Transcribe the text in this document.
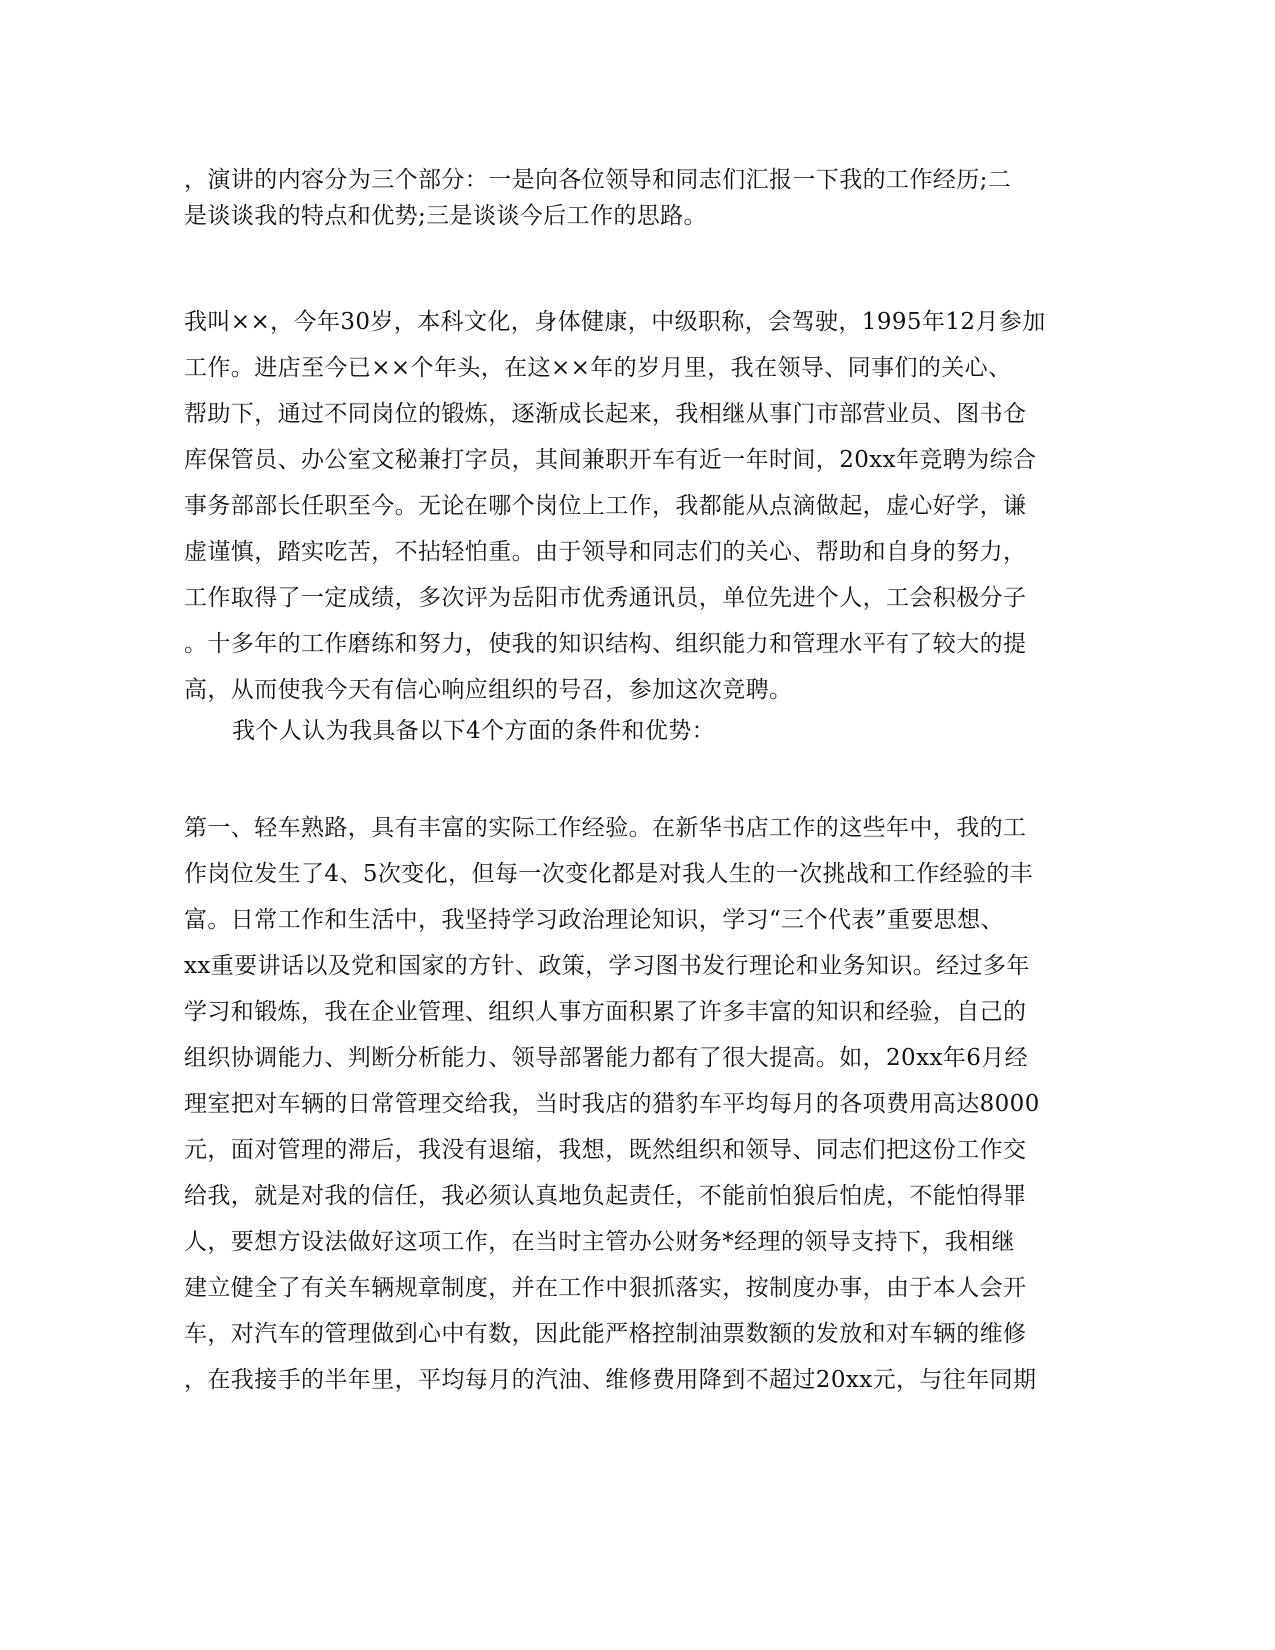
，演讲的内容分为三个部分：一是向各位领导和同志们汇报一下我的工作经历;二
是谈谈我的特点和优势;三是谈谈今后工作的思路。
我叫××，今年30岁，本科文化，身体健康，中级职称，会驾驶，1995年12月参加
工作。进店至今已××个年头，在这××年的岁月里，我在领导、同事们的关心、
帮助下，通过不同岗位的锻炼，逐渐成长起来，我相继从事门市部营业员、图书仓
库保管员、办公室文秘兼打字员，其间兼职开车有近一年时间，20xx年竞聘为综合
事务部部长任职至今。无论在哪个岗位上工作，我都能从点滴做起，虚心好学，谦
虚谨慎，踏实吃苦，不拈轻怕重。由于领导和同志们的关心、帮助和自身的努力，
工作取得了一定成绩，多次评为岳阳市优秀通讯员，单位先进个人，工会积极分子
。十多年的工作磨练和努力，使我的知识结构、组织能力和管理水平有了较大的提
高，从而使我今天有信心响应组织的号召，参加这次竞聘。
我个人认为我具备以下4个方面的条件和优势：
第一、轻车熟路，具有丰富的实际工作经验。在新华书店工作的这些年中，我的工
作岗位发生了4、5次变化，但每一次变化都是对我人生的一次挑战和工作经验的丰
富。日常工作和生活中，我坚持学习政治理论知识，学习“三个代表”重要思想、
xx重要讲话以及党和国家的方针、政策，学习图书发行理论和业务知识。经过多年
学习和锻炼，我在企业管理、组织人事方面积累了许多丰富的知识和经验，自己的
组织协调能力、判断分析能力、领导部署能力都有了很大提高。如，20xx年6月经
理室把对车辆的日常管理交给我，当时我店的猎豹车平均每月的各项费用高达8000
元，面对管理的滞后，我没有退缩，我想，既然组织和领导、同志们把这份工作交
给我，就是对我的信任，我必须认真地负起责任，不能前怕狼后怕虎，不能怕得罪
人，要想方设法做好这项工作，在当时主管办公财务*经理的领导支持下，我相继
建立健全了有关车辆规章制度，并在工作中狠抓落实，按制度办事，由于本人会开
车，对汽车的管理做到心中有数，因此能严格控制油票数额的发放和对车辆的维修
，在我接手的半年里，平均每月的汽油、维修费用降到不超过20xx元，与往年同期
